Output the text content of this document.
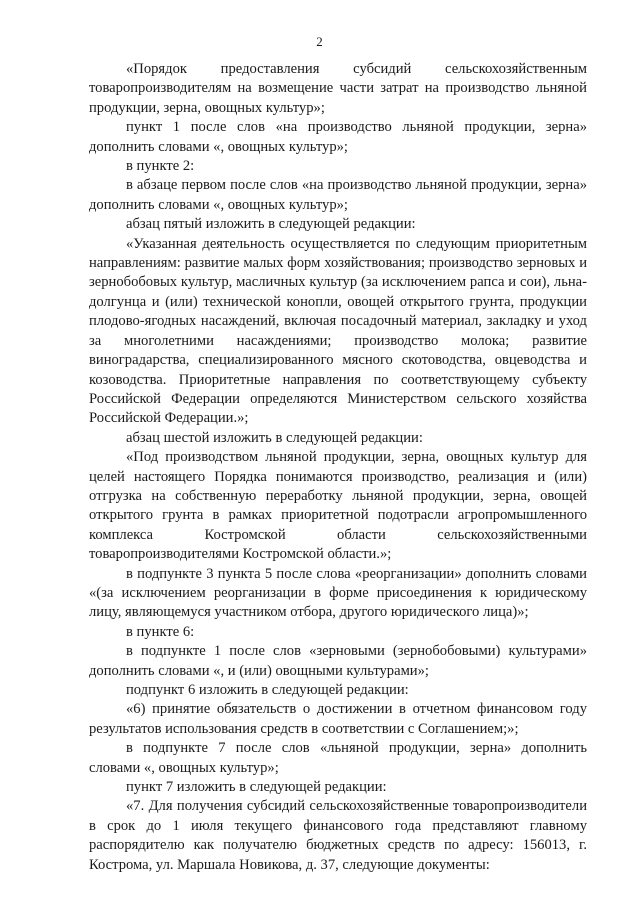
2

«Порядок предоставления субсидий сельскохозяйственным товаропроизводителям на возмещение части затрат на производство льняной продукции, зерна, овощных культур»;

пункт 1 после слов «на производство льняной продукции, зерна» дополнить словами «, овощных культур»;

в пункте 2:

в абзаце первом после слов «на производство льняной продукции, зерна» дополнить словами «, овощных культур»;

абзац пятый изложить в следующей редакции:

«Указанная деятельность осуществляется по следующим приоритетным направлениям: развитие малых форм хозяйствования; производство зерновых и зернобобовых культур, масличных культур (за исключением рапса и сои), льна-долгунца и (или) технической конопли, овощей открытого грунта, продукции плодово-ягодных насаждений, включая посадочный материал, закладку и уход за многолетними насаждениями; производство молока; развитие виноградарства, специализированного мясного скотоводства, овцеводства и козоводства. Приоритетные направления по соответствующему субъекту Российской Федерации определяются Министерством сельского хозяйства Российской Федерации.»;

абзац шестой изложить в следующей редакции:

«Под производством льняной продукции, зерна, овощных культур для целей настоящего Порядка понимаются производство, реализация и (или) отгрузка на собственную переработку льняной продукции, зерна, овощей открытого грунта в рамках приоритетной подотрасли агропромышленного комплекса Костромской области сельскохозяйственными товаропроизводителями Костромской области.»;

в подпункте 3 пункта 5 после слова «реорганизации» дополнить словами «(за исключением реорганизации в форме присоединения к юридическому лицу, являющемуся участником отбора, другого юридического лица)»;

в пункте 6:

в подпункте 1 после слов «зерновыми (зернобобовыми) культурами» дополнить словами «, и (или) овощными культурами»;

подпункт 6 изложить в следующей редакции:

«6) принятие обязательств о достижении в отчетном финансовом году результатов использования средств в соответствии с Соглашением;»;

в подпункте 7 после слов «льняной продукции, зерна» дополнить словами «, овощных культур»;

пункт 7 изложить в следующей редакции:

«7. Для получения субсидий сельскохозяйственные товаропроизводители в срок до 1 июля текущего финансового года представляют главному распорядителю как получателю бюджетных средств по адресу: 156013, г. Кострома, ул. Маршала Новикова, д. 37, следующие документы:
